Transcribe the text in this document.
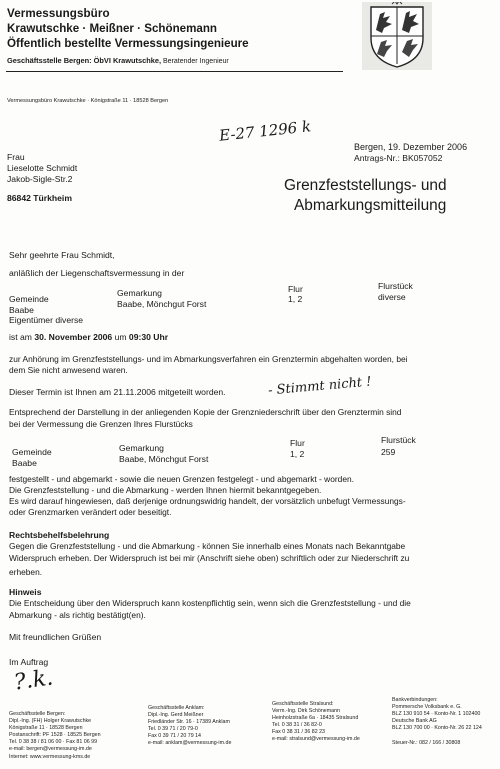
Vermessungsbüro
Krawutschke · Meißner · Schönemann
Öffentlich bestellte Vermessungsingenieure
Geschäftsstelle Bergen: ÖbVI Krawutschke, Beratender Ingenieur
Vermessungsbüro Krawutschke · Königstraße 11 · 18528 Bergen
E-27 1296 k
Frau
Lieselotte Schmidt
Jakob-Sigle-Str.2
86842 Türkheim
Bergen, 19. Dezember 2006
Antrags-Nr.: BK057052
Grenzfeststellungs- und
Abmarkungsmitteilung
Sehr geehrte Frau Schmidt,
anläßlich der Liegenschaftsvermessung in der
Gemeinde
Baabe
Eigentümer diverse
Gemarkung
Baabe, Mönchgut Forst
Flur
1, 2
Flurstück
diverse
ist am 30. November 2006 um 09:30 Uhr
zur Anhörung im Grenzfeststellungs- und im Abmarkungsverfahren ein Grenztermin abgehalten worden, bei
dem Sie nicht anwesend waren.
Dieser Termin ist Ihnen am 21.11.2006 mitgeteilt worden.	- Stimmt nicht !
Entsprechend der Darstellung in der anliegenden Kopie der Grenzniederschrift über den Grenztermin sind
bei der Vermessung die Grenzen Ihres Flurstücks
Gemeinde
Baabe
Gemarkung
Baabe, Mönchgut Forst
Flur
1, 2
Flurstück
259
festgestellt - und abgemarkt - sowie die neuen Grenzen festgelegt - und abgemarkt - worden.
Die Grenzfeststellung - und die Abmarkung - werden Ihnen hiermit bekanntgegeben.
Es wird darauf hingewiesen, daß derjenige ordnungswidrig handelt, der vorsätzlich unbefugt Vermessungs-
oder Grenzmarken verändert oder beseitigt.
Rechtsbehelfsbelehrung
Gegen die Grenzfeststellung - und die Abmarkung - können Sie innerhalb eines Monats nach Bekanntgabe
Widerspruch erheben. Der Widerspruch ist bei mir (Anschrift siehe oben) schriftlich oder zur Niederschrift zu
erheben.
Hinweis
Die Entscheidung über den Widerspruch kann kostenpflichtig sein, wenn sich die Grenzfeststellung - und die
Abmarkung - als richtig bestätigt(en).
Mit freundlichen Grüßen
Im Auftrag
?.k.
Geschäftsstelle Bergen:
Dipl.-Ing. (FH) Holger Krawutschke
Königstraße 11 · 18528 Bergen
Postanschrift: PF 1528 · 18525 Bergen
Tel. 0 38 38 / 81 06 00 · Fax 81 06 99
e-mail: bergen@vermessung-im.de
Internet: www.vermessung-kms.de
Geschäftsstelle Anklam:
Dipl.-Ing. Gerd Meißner
Friedländer Str. 16 · 17389 Anklam
Tel. 0 39 71 / 20 79-0
Fax 0 39 71 / 20 79 14
e-mail: anklam@vermessung-im.de
Geschäftsstelle Stralsund:
Verm.-Ing. Dirk Schönemann
Heinholzstraße 6a · 18435 Stralsund
Tel. 0 38 31 / 36 82-0
Fax 0 38 31 / 36 82 23
e-mail: stralsund@vermessung-im.de
Bankverbindungen:
Pommersche Volksbank e. G.
BLZ 130 910 54 · Konto-Nr. 1 102400
Deutsche Bank AG
BLZ 130 700 00 · Konto-Nr. 26 22 124

Steuer-Nr.: 082 / 166 / 30808
